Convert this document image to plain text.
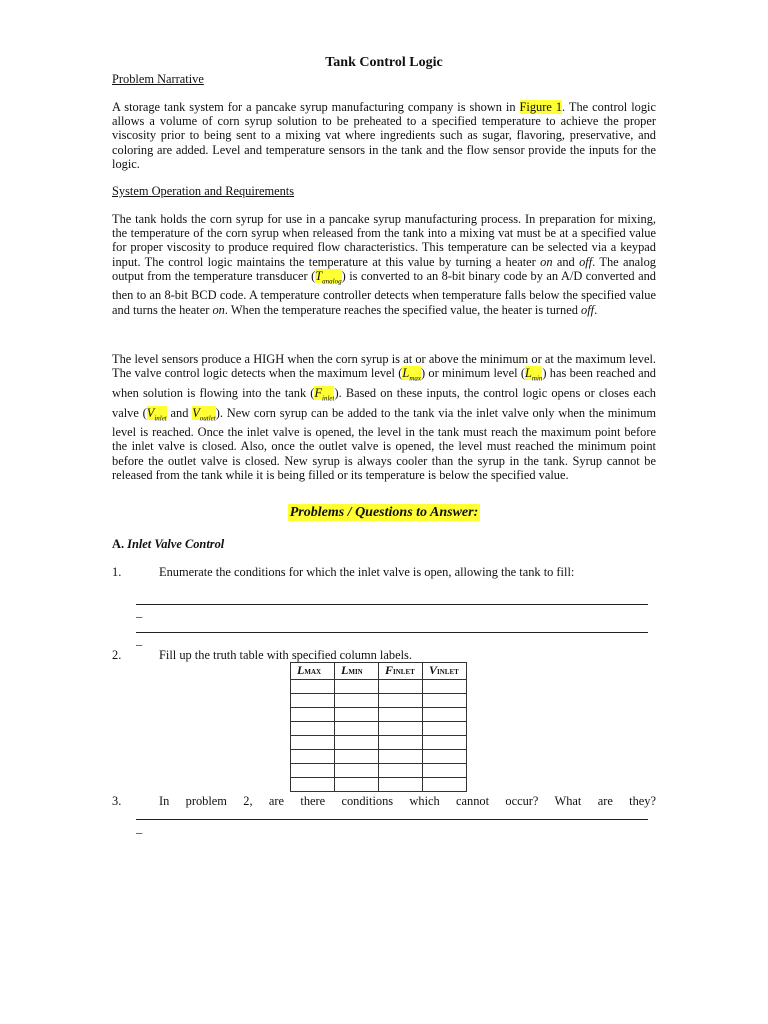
Tank Control Logic
Problem Narrative
A storage tank system for a pancake syrup manufacturing company is shown in Figure 1. The control logic allows a volume of corn syrup solution to be preheated to a specified temperature to achieve the proper viscosity prior to being sent to a mixing vat where ingredients such as sugar, flavoring, preservative, and coloring are added. Level and temperature sensors in the tank and the flow sensor provide the inputs for the logic.
System Operation and Requirements
The tank holds the corn syrup for use in a pancake syrup manufacturing process. In preparation for mixing, the temperature of the corn syrup when released from the tank into a mixing vat must be at a specified value for proper viscosity to produce required flow characteristics. This temperature can be selected via a keypad input. The control logic maintains the temperature at this value by turning a heater on and off. The analog output from the temperature transducer $(T_{analog})$ is converted to an 8-bit binary code by an A/D converted and then to an 8-bit BCD code. A temperature controller detects when temperature falls below the specified value and turns the heater on. When the temperature reaches the specified value, the heater is turned off.
The level sensors produce a HIGH when the corn syrup is at or above the minimum or at the maximum level. The valve control logic detects when the maximum level $(L_{max})$ or minimum level $(L_{min})$ has been reached and when solution is flowing into the tank $(F_{inlet})$. Based on these inputs, the control logic opens or closes each valve ($V_{inlet}$ and $V_{outlet}$). New corn syrup can be added to the tank via the inlet valve only when the minimum level is reached. Once the inlet valve is opened, the level in the tank must reach the maximum point before the inlet valve is closed. Also, once the outlet valve is opened, the level must reached the minimum point before the outlet valve is closed. New syrup is always cooler than the syrup in the tank. Syrup cannot be released from the tank while it is being filled or its temperature is below the specified value.
Problems / Questions to Answer:
A. Inlet Valve Control
1.	Enumerate the conditions for which the inlet valve is open, allowing the tank to fill:
_
_
2.	Fill up the truth table with specified column labels.
LMAX	LMIN	FINLET	VINLET

3.	In problem 2, are there conditions which cannot occur? What are they?
_
